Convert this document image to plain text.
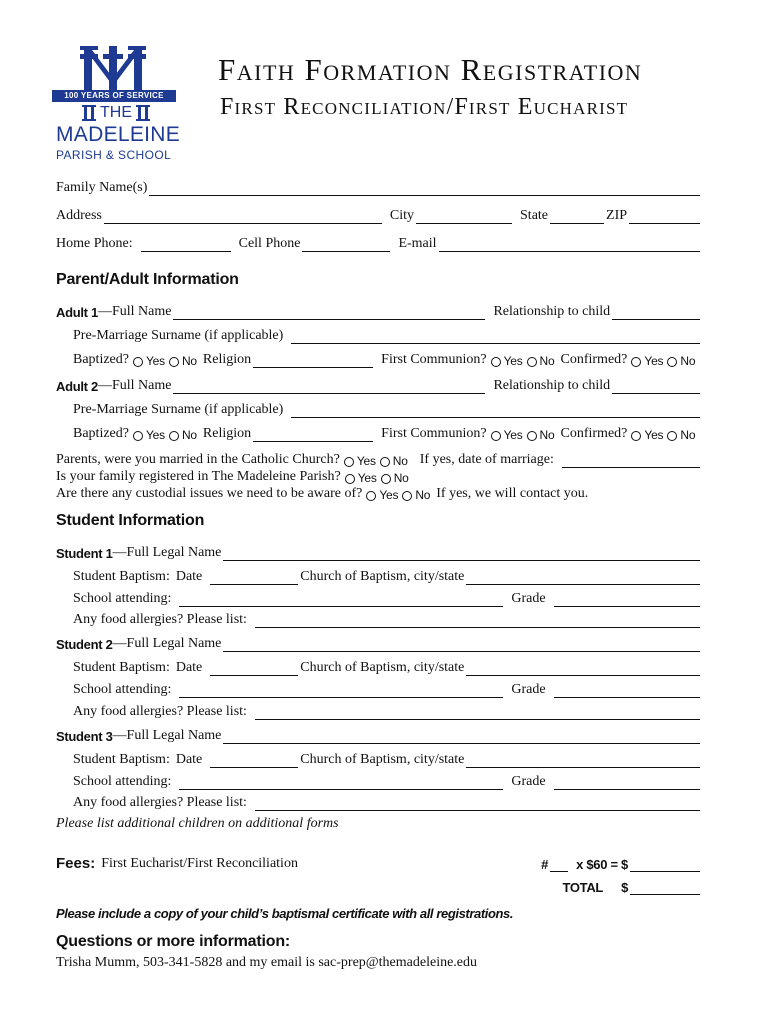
100 YEARS OF SERVICE
THE
MADELEINE
PARISH & SCHOOL
Faith Formation Registration
First Reconciliation/First Eucharist
Family Name(s)
Address	City	State	ZIP
Home Phone:	Cell Phone	E-mail
Parent/Adult Information
Adult 1 —Full Name	Relationship to child
Pre-Marriage Surname (if applicable)
Baptized? Yes No Religion	First Communion? Yes No Confirmed? Yes No
Adult 2 —Full Name	Relationship to child
Pre-Marriage Surname (if applicable)
Baptized? Yes No Religion	First Communion? Yes No Confirmed? Yes No
Parents, were you married in the Catholic Church? Yes No If yes, date of marriage:
Is your family registered in The Madeleine Parish? Yes No
Are there any custodial issues we need to be aware of? Yes No If yes, we will contact you.
Student Information
Student 1 —Full Legal Name
Student Baptism: Date	Church of Baptism, city/state
School attending:	Grade
Any food allergies? Please list:
Student 2 —Full Legal Name
Student Baptism: Date	Church of Baptism, city/state
School attending:	Grade
Any food allergies? Please list:
Student 3 —Full Legal Name
Student Baptism: Date	Church of Baptism, city/state
School attending:	Grade
Any food allergies? Please list:
Please list additional children on additional forms
Fees: First Eucharist/First Reconciliation	# x $60 = $
TOTAL $
Please include a copy of your child’s baptismal certificate with all registrations.
Questions or more information:
Trisha Mumm, 503-341-5828 and my email is sac-prep@themadeleine.edu
